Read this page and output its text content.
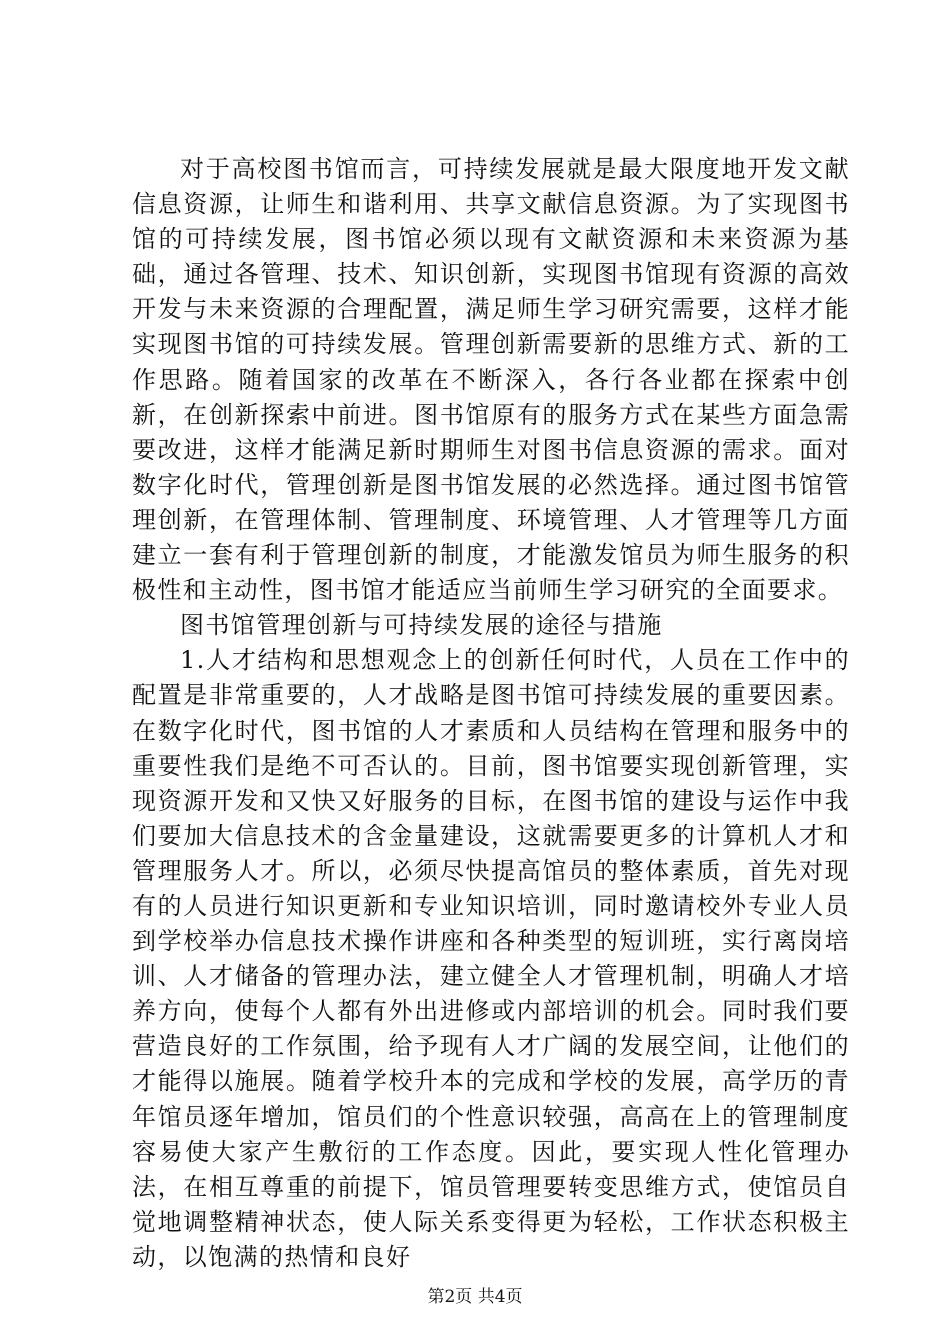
对于高校图书馆而言，可持续发展就是最大限度地开发文献信息资源，让师生和谐利用、共享文献信息资源。为了实现图书馆的可持续发展，图书馆必须以现有文献资源和未来资源为基础，通过各管理、技术、知识创新，实现图书馆现有资源的高效开发与未来资源的合理配置，满足师生学习研究需要，这样才能实现图书馆的可持续发展。管理创新需要新的思维方式、新的工作思路。随着国家的改革在不断深入，各行各业都在探索中创新，在创新探索中前进。图书馆原有的服务方式在某些方面急需要改进，这样才能满足新时期师生对图书信息资源的需求。面对数字化时代，管理创新是图书馆发展的必然选择。通过图书馆管理创新，在管理体制、管理制度、环境管理、人才管理等几方面建立一套有利于管理创新的制度，才能激发馆员为师生服务的积极性和主动性，图书馆才能适应当前师生学习研究的全面要求。

图书馆管理创新与可持续发展的途径与措施

1.人才结构和思想观念上的创新任何时代，人员在工作中的配置是非常重要的，人才战略是图书馆可持续发展的重要因素。在数字化时代，图书馆的人才素质和人员结构在管理和服务中的重要性我们是绝不可否认的。目前，图书馆要实现创新管理，实现资源开发和又快又好服务的目标，在图书馆的建设与运作中我们要加大信息技术的含金量建设，这就需要更多的计算机人才和管理服务人才。所以，必须尽快提高馆员的整体素质，首先对现有的人员进行知识更新和专业知识培训，同时邀请校外专业人员到学校举办信息技术操作讲座和各种类型的短训班，实行离岗培训、人才储备的管理办法，建立健全人才管理机制，明确人才培养方向，使每个人都有外出进修或内部培训的机会。同时我们要营造良好的工作氛围，给予现有人才广阔的发展空间，让他们的才能得以施展。随着学校升本的完成和学校的发展，高学历的青年馆员逐年增加，馆员们的个性意识较强，高高在上的管理制度容易使大家产生敷衍的工作态度。因此，要实现人性化管理办法，在相互尊重的前提下，馆员管理要转变思维方式，使馆员自觉地调整精神状态，使人际关系变得更为轻松，工作状态积极主动，以饱满的热情和良好

第2页 共4页
